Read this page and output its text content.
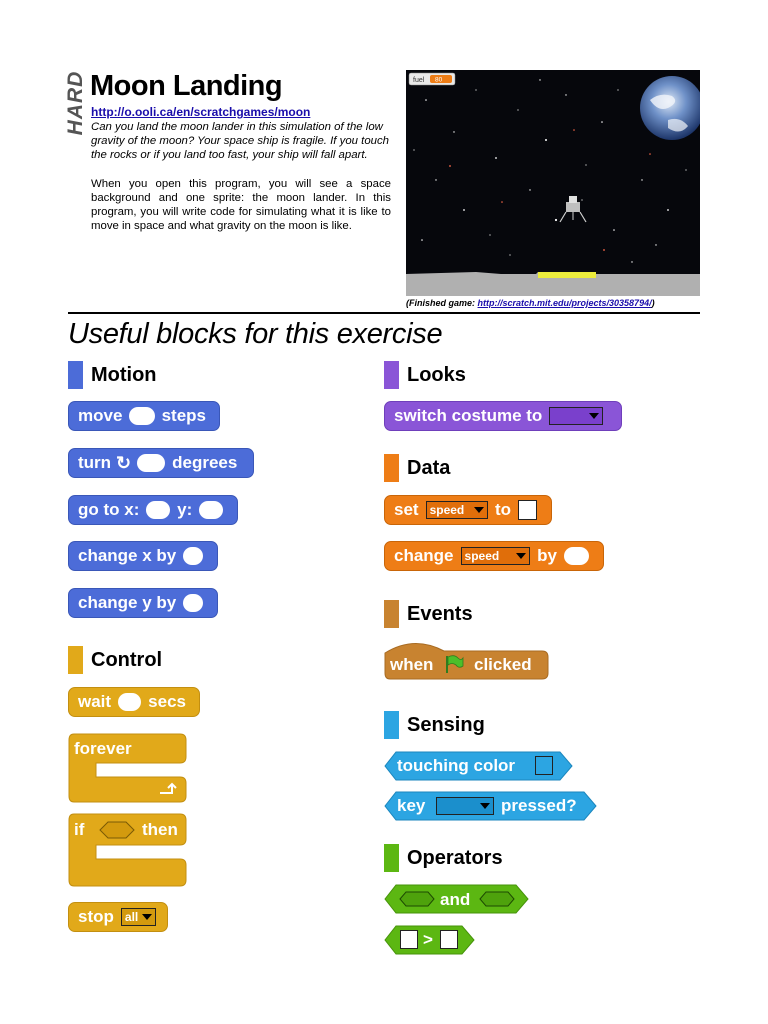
HARD Moon Landing
http://o.ooli.ca/en/scratchgames/moon

Can you land the moon lander in this simulation of the low gravity of the moon? Your space ship is fragile. If you touch the rocks or if you land too fast, your ship will fall apart.

When you open this program, you will see a space background and one sprite: the moon lander. In this program, you will write code for simulating what it is like to move in space and what gravity on the moon is like.

fuel 80
(Finished game: http://scratch.mit.edu/projects/30358794/)
Useful blocks for this exercise
Motion
move steps
turn ↻ degrees
go to x: y:
change x by
change y by
Control
wait secs
forever
if	then
stop all
Looks
switch costume to
Data
set speed to
change speed by
Events
when clicked
Sensing
touching color
key	pressed?
Operators
and
>
